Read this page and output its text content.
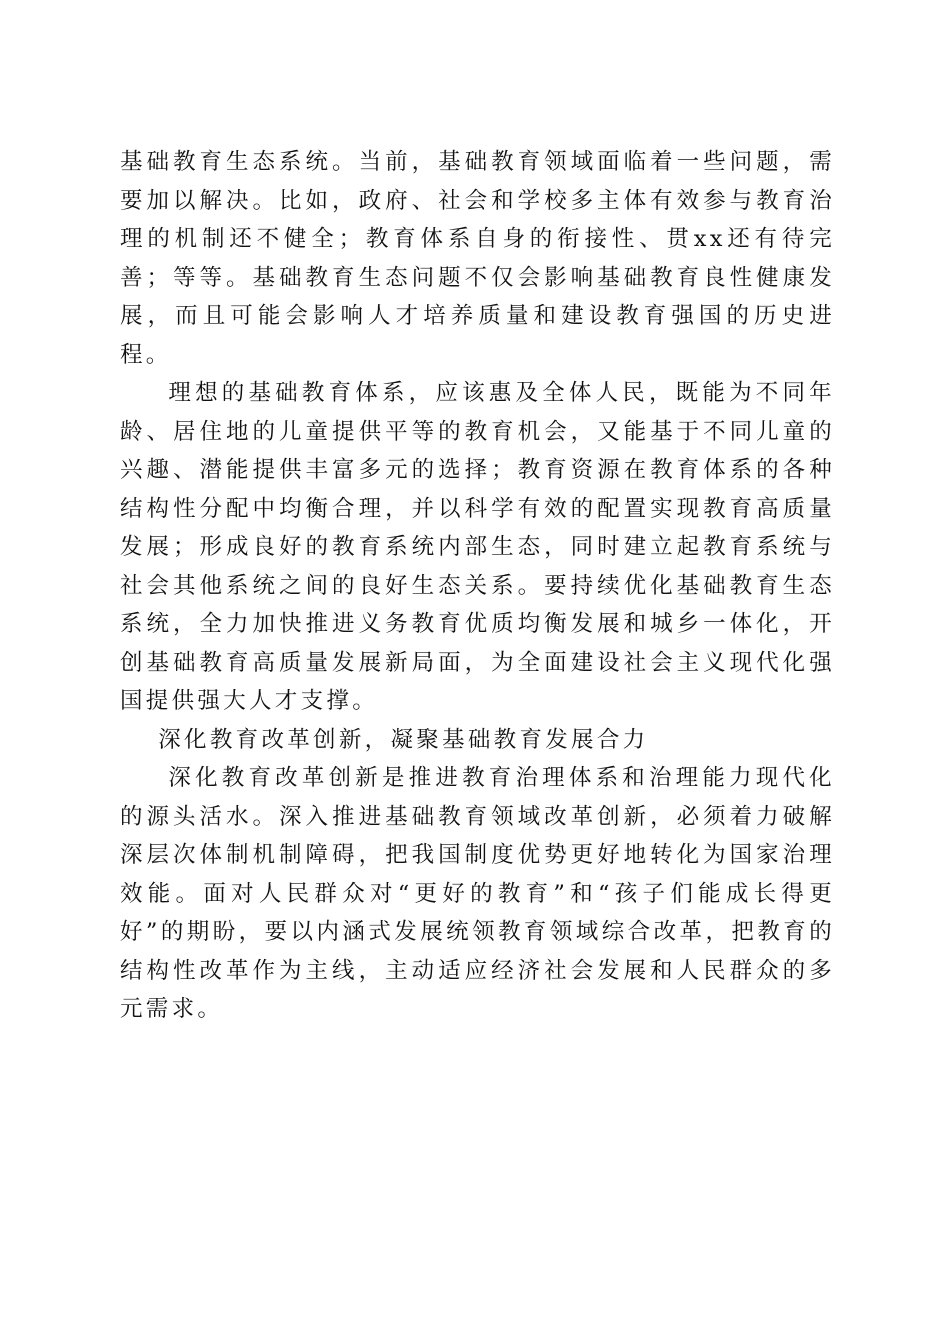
基础教育生态系统。当前，基础教育领域面临着一些问题，需要加以解决。比如，政府、社会和学校多主体有效参与教育治理的机制还不健全；教育体系自身的衔接性、贯xx还有待完善；等等。基础教育生态问题不仅会影响基础教育良性健康发展，而且可能会影响人才培养质量和建设教育强国的历史进程。

理想的基础教育体系，应该惠及全体人民，既能为不同年龄、居住地的儿童提供平等的教育机会，又能基于不同儿童的兴趣、潜能提供丰富多元的选择；教育资源在教育体系的各种结构性分配中均衡合理，并以科学有效的配置实现教育高质量发展；形成良好的教育系统内部生态，同时建立起教育系统与社会其他系统之间的良好生态关系。要持续优化基础教育生态系统，全力加快推进义务教育优质均衡发展和城乡一体化，开创基础教育高质量发展新局面，为全面建设社会主义现代化强国提供强大人才支撑。

深化教育改革创新，凝聚基础教育发展合力

深化教育改革创新是推进教育治理体系和治理能力现代化的源头活水。深入推进基础教育领域改革创新，必须着力破解深层次体制机制障碍，把我国制度优势更好地转化为国家治理效能。面对人民群众对“更好的教育”和“孩子们能成长得更好”的期盼，要以内涵式发展统领教育领域综合改革，把教育的结构性改革作为主线，主动适应经济社会发展和人民群众的多元需求。
